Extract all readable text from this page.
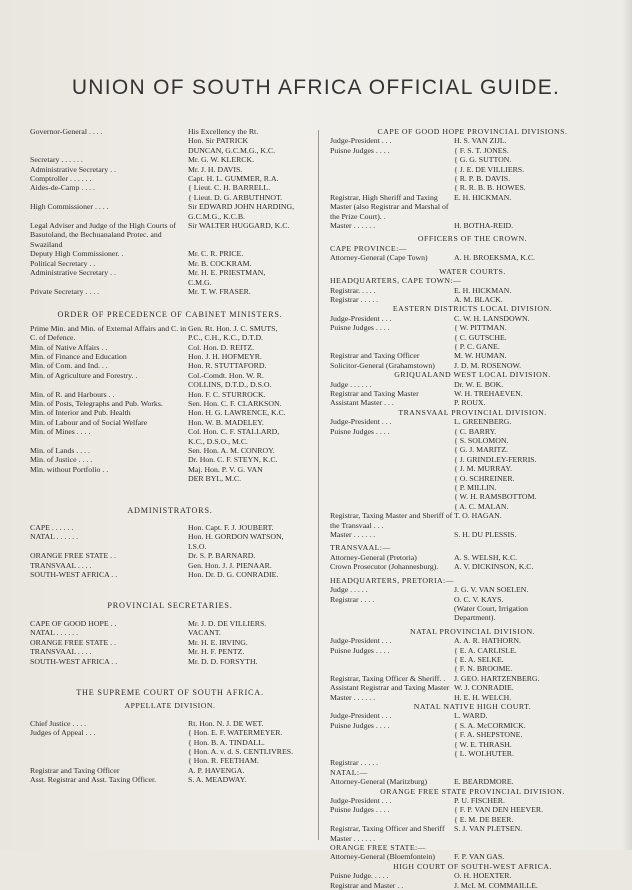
UNION OF SOUTH AFRICA OFFICIAL GUIDE.
Governor-General . . . .	His Excellency the Rt.
Hon. Sir PATRICK
DUNCAN, G.C.M.G., K.C.
Secretary . . . . . .	Mr. G. W. KLERCK.
Administrative Secretary . .	Mr. J. H. DAVIS.
Comptroller . . . . . .	Capt. H. L. GUMMER, R.A.
Aides-de-Camp . . . .	{ Lieut. C. H. BARRELL.
{ Lieut. D. G. ARBUTHNOT.
High Commissioner . . . .	Sir EDWARD JOHN HARDING,
G.C.M.G., K.C.B.
Legal Adviser and Judge of the High Courts of Basutoland, the Bechuanaland Protec. and Swaziland
Sir WALTER HUGGARD, K.C.
Deputy High Commissioner. .	Mr. C. R. PRICE.
Political Secretary . .	Mr. B. COCKRAM.
Administrative Secretary . .	Mr. H. E. PRIESTMAN,
C.M.G.
Private Secretary . . . .	Mr. T. W. FRASER.
ORDER OF PRECEDENCE OF CABINET MINISTERS.
Prime Min. and Min. of External Affairs and C. in C. of Defence.
Gen. Rt. Hon. J. C. SMUTS,
P.C., C.H., K.C., D.T.D.
Min. of Native Affairs . .	Col. Hon. D. REITZ.
Min. of Finance and Education	Hon. J. H. HOFMEYR.
Min. of Com. and Ind. . .	Hon. R. STUTTAFORD.
Min. of Agriculture and Forestry. .	Col.-Comdt. Hon. W. R.
COLLINS, D.T.D., D.S.O.
Min. of R. and Harbours . .	Hon. F. C. STURROCK.
Min. of Posts, Telegraphs and Pub. Works.	Sen. Hon. C. F. CLARKSON.
Min. of Interior and Pub. Health	Hon. H. G. LAWRENCE, K.C.
Min. of Labour and of Social Welfare	Hon. W. B. MADELEY.
Min. of Mines . . . .	Col. Hon. C. F. STALLARD,
K.C., D.S.O., M.C.
Min. of Lands . . . .	Sen. Hon. A. M. CONROY.
Min. of Justice . . . .	Dr. Hon. C. F. STEYN, K.C.
Min. without Portfolio . .	Maj. Hon. P. V. G. VAN
DER BYL, M.C.
ADMINISTRATORS.
CAPE . . . . . .	Hon. Capt. F. J. JOUBERT.
NATAL . . . . . .	Hon. H. GORDON WATSON,
I.S.O.
ORANGE FREE STATE . .	Dr. S. P. BARNARD.
TRANSVAAL . . . .	Gen. Hon. J. J. PIENAAR.
SOUTH-WEST AFRICA . .	Hon. Dr. D. G. CONRADIE.
PROVINCIAL SECRETARIES.
CAPE OF GOOD HOPE . .	Mr. J. D. DE VILLIERS.
NATAL . . . . . .	VACANT.
ORANGE FREE STATE . .	Mr. H. E. IRVING.
TRANSVAAL . . . .	Mr. H. F. PENTZ.
SOUTH-WEST AFRICA . .	Mr. D. D. FORSYTH.
THE SUPREME COURT OF SOUTH AFRICA.
APPELLATE DIVISION.
Chief Justice . . . .	Rt. Hon. N. J. DE WET.
Judges of Appeal . . .	{ Hon. E. F. WATERMEYER.
{ Hon. B. A. TINDALL.
{ Hon. A. v. d. S. CENTLIVRES.
{ Hon. R. FEETHAM.
Registrar and Taxing Officer	A. P. HAVENGA.
Asst. Registrar and Asst. Taxing Officer.	S. A. MEADWAY.
CAPE OF GOOD HOPE PROVINCIAL DIVISIONS.
Judge-President . . .	H. S. VAN ZIJL.
Puisne Judges . . . .	{ F. S. T. JONES.
{ G. G. SUTTON.
{ J. E. DE VILLIERS.
{ R. P. B. DAVIS.
{ R. R. B. B. HOWES.
Registrar, High Sheriff and Taxing Master (also Registrar and Marshal of the Prize Court). .
E. H. HICKMAN.
Master . . . . . .	H. BOTHA-REID.
OFFICERS OF THE CROWN.
CAPE PROVINCE:—
Attorney-General (Cape Town)	A. H. BROEKSMA, K.C.
WATER COURTS.
HEADQUARTERS, CAPE TOWN:—
Registrar. . . . .	E. H. HICKMAN.
Registrar . . . . .	A. M. BLACK.
EASTERN DISTRICTS LOCAL DIVISION.
Judge-President . . .	C. W. H. LANSDOWN.
Puisne Judges . . . .	{ W. PITTMAN.
{ C. GUTSCHE.
{ P. C. GANE.
Registrar and Taxing Officer	M. W. HUMAN.
Solicitor-General (Grahamstown)	J. D. M. ROSENOW.
GRIQUALAND WEST LOCAL DIVISION.
Judge . . . . . .	Dr. W. E. BOK.
Registrar and Taxing Master	W. H. TREHAEVEN.
Assistant Master . . .	P. ROUX.
TRANSVAAL PROVINCIAL DIVISION.
Judge-President . . .	L. GREENBERG.
Puisne Judges . . . .	{ C. BARRY.
{ S. SOLOMON.
{ G. J. MARITZ.
{ J. GRINDLEY-FERRIS.
{ J. M. MURRAY.
{ O. SCHREINER.
{ P. MILLIN.
{ W. H. RAMSBOTTOM.
{ A. C. MALAN.
Registrar, Taxing Master and Sheriff of the Transvaal . . .
T. O. HAGAN.
Master . . . . . .	S. H. DU PLESSIS.
TRANSVAAL:—
Attorney-General (Pretoria)	A. S. WELSH, K.C.
Crown Prosecutor (Johannesburg).	A. V. DICKINSON, K.C.
HEADQUARTERS, PRETORIA:—
Judge . . . . .	J. G. V. VAN SOELEN.
Registrar . . . .	O. C. V. KAYS.
(Water Court, Irrigation
Department).
NATAL PROVINCIAL DIVISION.
Judge-President . . .	A. A. R. HATHORN.
Puisne Judges . . . .	{ E. A. CARLISLE.
{ E. A. SELKE.
{ F. N. BROOME.
Registrar, Taxing Officer & Sheriff. .	J. GEO. HARTZENBERG.
Assistant Registrar and Taxing Master W. J. CONRADIE.
Master . . . . . .	H. E. H. WELCH.
NATAL NATIVE HIGH COURT.
Judge-President . . .	L. WARD.
Puisne Judges . . . .	{ S. A. McCORMICK.
{ F. A. SHEPSTONE.
{ W. E. THRASH.
{ L. WOLHUTER.
Registrar . . . . .
NATAL:—
Attorney-General (Maritzburg)	E. BEARDMORE.
ORANGE FREE STATE PROVINCIAL DIVISION.
Judge-President . . .	P. U. FISCHER.
Puisne Judges . . . .	{ F. P. VAN DEN HEEVER.
{ E. M. DE BEER.
Registrar, Taxing Officer and Sheriff	S. J. VAN PLETSEN.
Master . . . . . .
ORANGE FREE STATE:—
Attorney-General (Bloemfontein)	F. P. VAN GAS.
HIGH COURT OF SOUTH-WEST AFRICA.
Puisne Judge. . . . .	O. H. HOEXTER.
Registrar and Master . .	J. McI. M. COMMAILLE.
